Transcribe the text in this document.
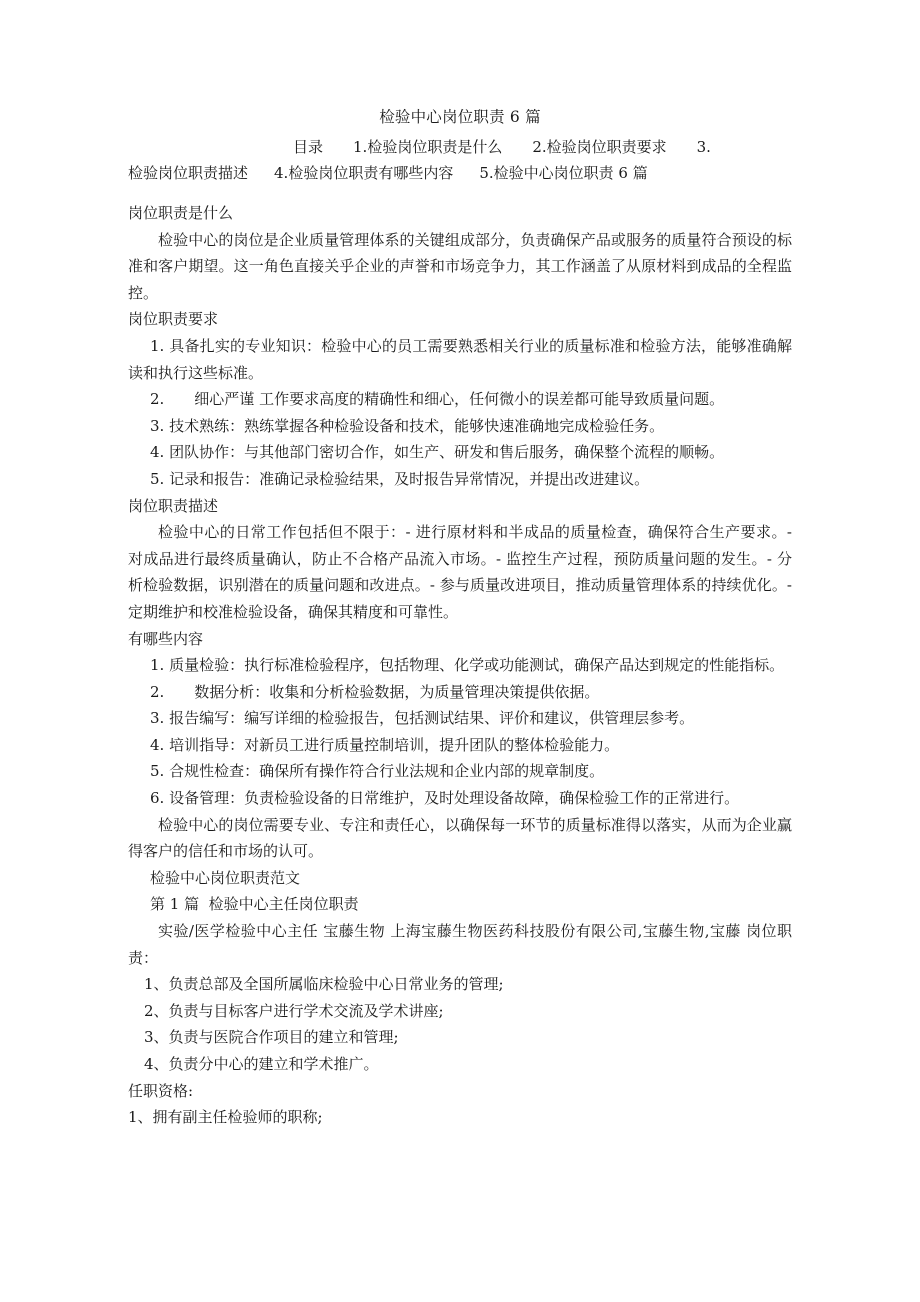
检验中心岗位职责 6 篇

目录 1.检验岗位职责是什么 2.检验岗位职责要求 3.

检验岗位职责描述 4.检验岗位职责有哪些内容 5.检验中心岗位职责 6 篇

岗位职责是什么

检验中心的岗位是企业质量管理体系的关键组成部分，负责确保产品或服务的质量符合预设的标准和客户期望。这一角色直接关乎企业的声誉和市场竞争力，其工作涵盖了从原材料到成品的全程监控。

岗位职责要求

1. 具备扎实的专业知识：检验中心的员工需要熟悉相关行业的质量标准和检验方法，能够准确解读和执行这些标准。

2.　　细心严谨 工作要求高度的精确性和细心，任何微小的误差都可能导致质量问题。

3. 技术熟练：熟练掌握各种检验设备和技术，能够快速准确地完成检验任务。

4. 团队协作：与其他部门密切合作，如生产、研发和售后服务，确保整个流程的顺畅。

5. 记录和报告：准确记录检验结果，及时报告异常情况，并提出改进建议。

岗位职责描述

检验中心的日常工作包括但不限于：- 进行原材料和半成品的质量检查，确保符合生产要求。- 对成品进行最终质量确认，防止不合格产品流入市场。- 监控生产过程，预防质量问题的发生。- 分析检验数据，识别潜在的质量问题和改进点。- 参与质量改进项目，推动质量管理体系的持续优化。- 定期维护和校准检验设备，确保其精度和可靠性。

有哪些内容

1. 质量检验：执行标准检验程序，包括物理、化学或功能测试，确保产品达到规定的性能指标。

2.　　数据分析：收集和分析检验数据，为质量管理决策提供依据。

3. 报告编写：编写详细的检验报告，包括测试结果、评价和建议，供管理层参考。

4. 培训指导：对新员工进行质量控制培训，提升团队的整体检验能力。

5. 合规性检查：确保所有操作符合行业法规和企业内部的规章制度。

6. 设备管理：负责检验设备的日常维护，及时处理设备故障，确保检验工作的正常进行。

检验中心的岗位需要专业、专注和责任心，以确保每一环节的质量标准得以落实，从而为企业赢得客户的信任和市场的认可。

检验中心岗位职责范文

第 1 篇  检验中心主任岗位职责

实验/医学检验中心主任 宝藤生物 上海宝藤生物医药科技股份有限公司,宝藤生物,宝藤 岗位职责：

1、负责总部及全国所属临床检验中心日常业务的管理;

2、负责与目标客户进行学术交流及学术讲座;

3、负责与医院合作项目的建立和管理;

4、负责分中心的建立和学术推广。

任职资格:

1、拥有副主任检验师的职称;
